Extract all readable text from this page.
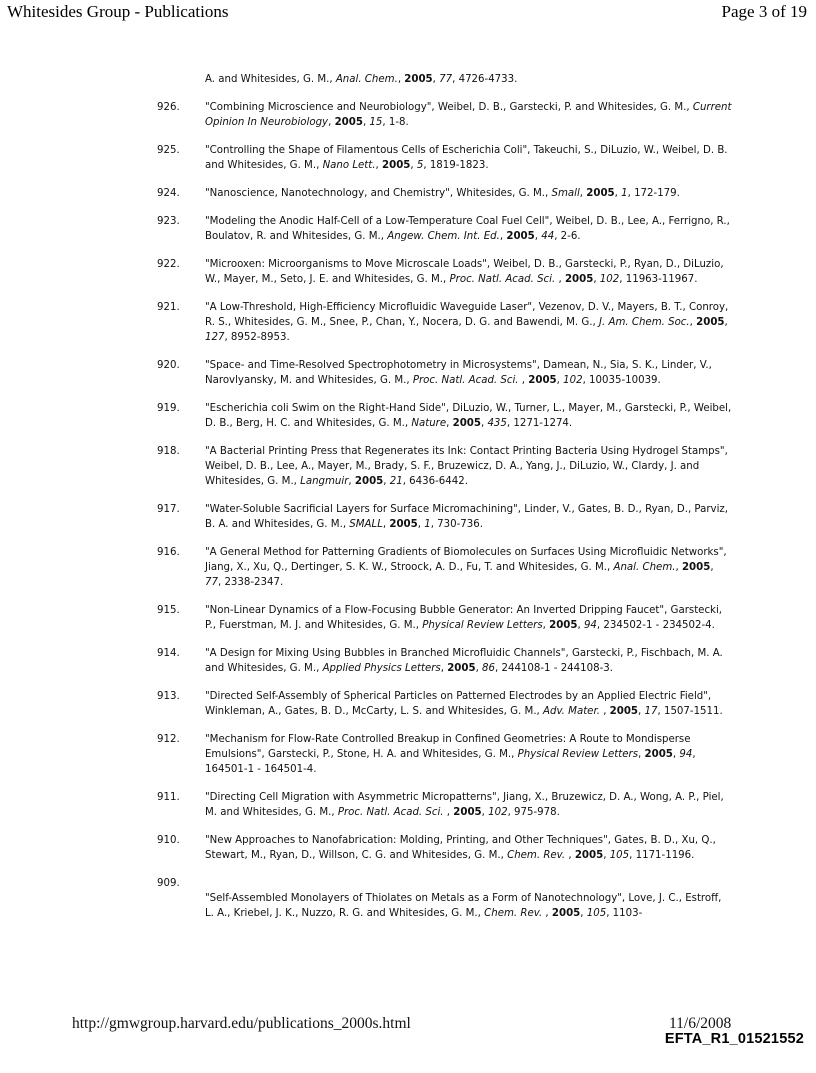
Whitesides Group - Publications	Page 3 of 19
A. and Whitesides, G. M., Anal. Chem., 2005, 77, 4726-4733.
926. "Combining Microscience and Neurobiology", Weibel, D. B., Garstecki, P. and Whitesides, G. M., Current Opinion In Neurobiology, 2005, 15, 1-8.
925. "Controlling the Shape of Filamentous Cells of Escherichia Coli", Takeuchi, S., DiLuzio, W., Weibel, D. B. and Whitesides, G. M., Nano Lett., 2005, 5, 1819-1823.
924. "Nanoscience, Nanotechnology, and Chemistry", Whitesides, G. M., Small, 2005, 1, 172-179.
923. "Modeling the Anodic Half-Cell of a Low-Temperature Coal Fuel Cell", Weibel, D. B., Lee, A., Ferrigno, R., Boulatov, R. and Whitesides, G. M., Angew. Chem. Int. Ed., 2005, 44, 2-6.
922. "Microoxen: Microorganisms to Move Microscale Loads", Weibel, D. B., Garstecki, P., Ryan, D., DiLuzio, W., Mayer, M., Seto, J. E. and Whitesides, G. M., Proc. Natl. Acad. Sci. , 2005, 102, 11963-11967.
921. "A Low-Threshold, High-Efficiency Microfluidic Waveguide Laser", Vezenov, D. V., Mayers, B. T., Conroy, R. S., Whitesides, G. M., Snee, P., Chan, Y., Nocera, D. G. and Bawendi, M. G., J. Am. Chem. Soc., 2005, 127, 8952-8953.
920. "Space- and Time-Resolved Spectrophotometry in Microsystems", Damean, N., Sia, S. K., Linder, V., Narovlyansky, M. and Whitesides, G. M., Proc. Natl. Acad. Sci. , 2005, 102, 10035-10039.
919. "Escherichia coli Swim on the Right-Hand Side", DiLuzio, W., Turner, L., Mayer, M., Garstecki, P., Weibel, D. B., Berg, H. C. and Whitesides, G. M., Nature, 2005, 435, 1271-1274.
918. "A Bacterial Printing Press that Regenerates its Ink: Contact Printing Bacteria Using Hydrogel Stamps", Weibel, D. B., Lee, A., Mayer, M., Brady, S. F., Bruzewicz, D. A., Yang, J., DiLuzio, W., Clardy, J. and Whitesides, G. M., Langmuir, 2005, 21, 6436-6442.
917. "Water-Soluble Sacrificial Layers for Surface Micromachining", Linder, V., Gates, B. D., Ryan, D., Parviz, B. A. and Whitesides, G. M., SMALL, 2005, 1, 730-736.
916. "A General Method for Patterning Gradients of Biomolecules on Surfaces Using Microfluidic Networks", Jiang, X., Xu, Q., Dertinger, S. K. W., Stroock, A. D., Fu, T. and Whitesides, G. M., Anal. Chem., 2005, 77, 2338-2347.
915. "Non-Linear Dynamics of a Flow-Focusing Bubble Generator: An Inverted Dripping Faucet", Garstecki, P., Fuerstman, M. J. and Whitesides, G. M., Physical Review Letters, 2005, 94, 234502-1 - 234502-4.
914. "A Design for Mixing Using Bubbles in Branched Microfluidic Channels", Garstecki, P., Fischbach, M. A. and Whitesides, G. M., Applied Physics Letters, 2005, 86, 244108-1 - 244108-3.
913. "Directed Self-Assembly of Spherical Particles on Patterned Electrodes by an Applied Electric Field", Winkleman, A., Gates, B. D., McCarty, L. S. and Whitesides, G. M., Adv. Mater. , 2005, 17, 1507-1511.
912. "Mechanism for Flow-Rate Controlled Breakup in Confined Geometries: A Route to Mondisperse Emulsions", Garstecki, P., Stone, H. A. and Whitesides, G. M., Physical Review Letters, 2005, 94, 164501-1 - 164501-4.
911. "Directing Cell Migration with Asymmetric Micropatterns", Jiang, X., Bruzewicz, D. A., Wong, A. P., Piel, M. and Whitesides, G. M., Proc. Natl. Acad. Sci. , 2005, 102, 975-978.
910. "New Approaches to Nanofabrication: Molding, Printing, and Other Techniques", Gates, B. D., Xu, Q., Stewart, M., Ryan, D., Willson, C. G. and Whitesides, G. M., Chem. Rev. , 2005, 105, 1171-1196.
909.
"Self-Assembled Monolayers of Thiolates on Metals as a Form of Nanotechnology", Love, J. C., Estroff, L. A., Kriebel, J. K., Nuzzo, R. G. and Whitesides, G. M., Chem. Rev. , 2005, 105, 1103-
http://gmwgroup.harvard.edu/publications_2000s.html	11/6/2008
EFTA_R1_01521552
